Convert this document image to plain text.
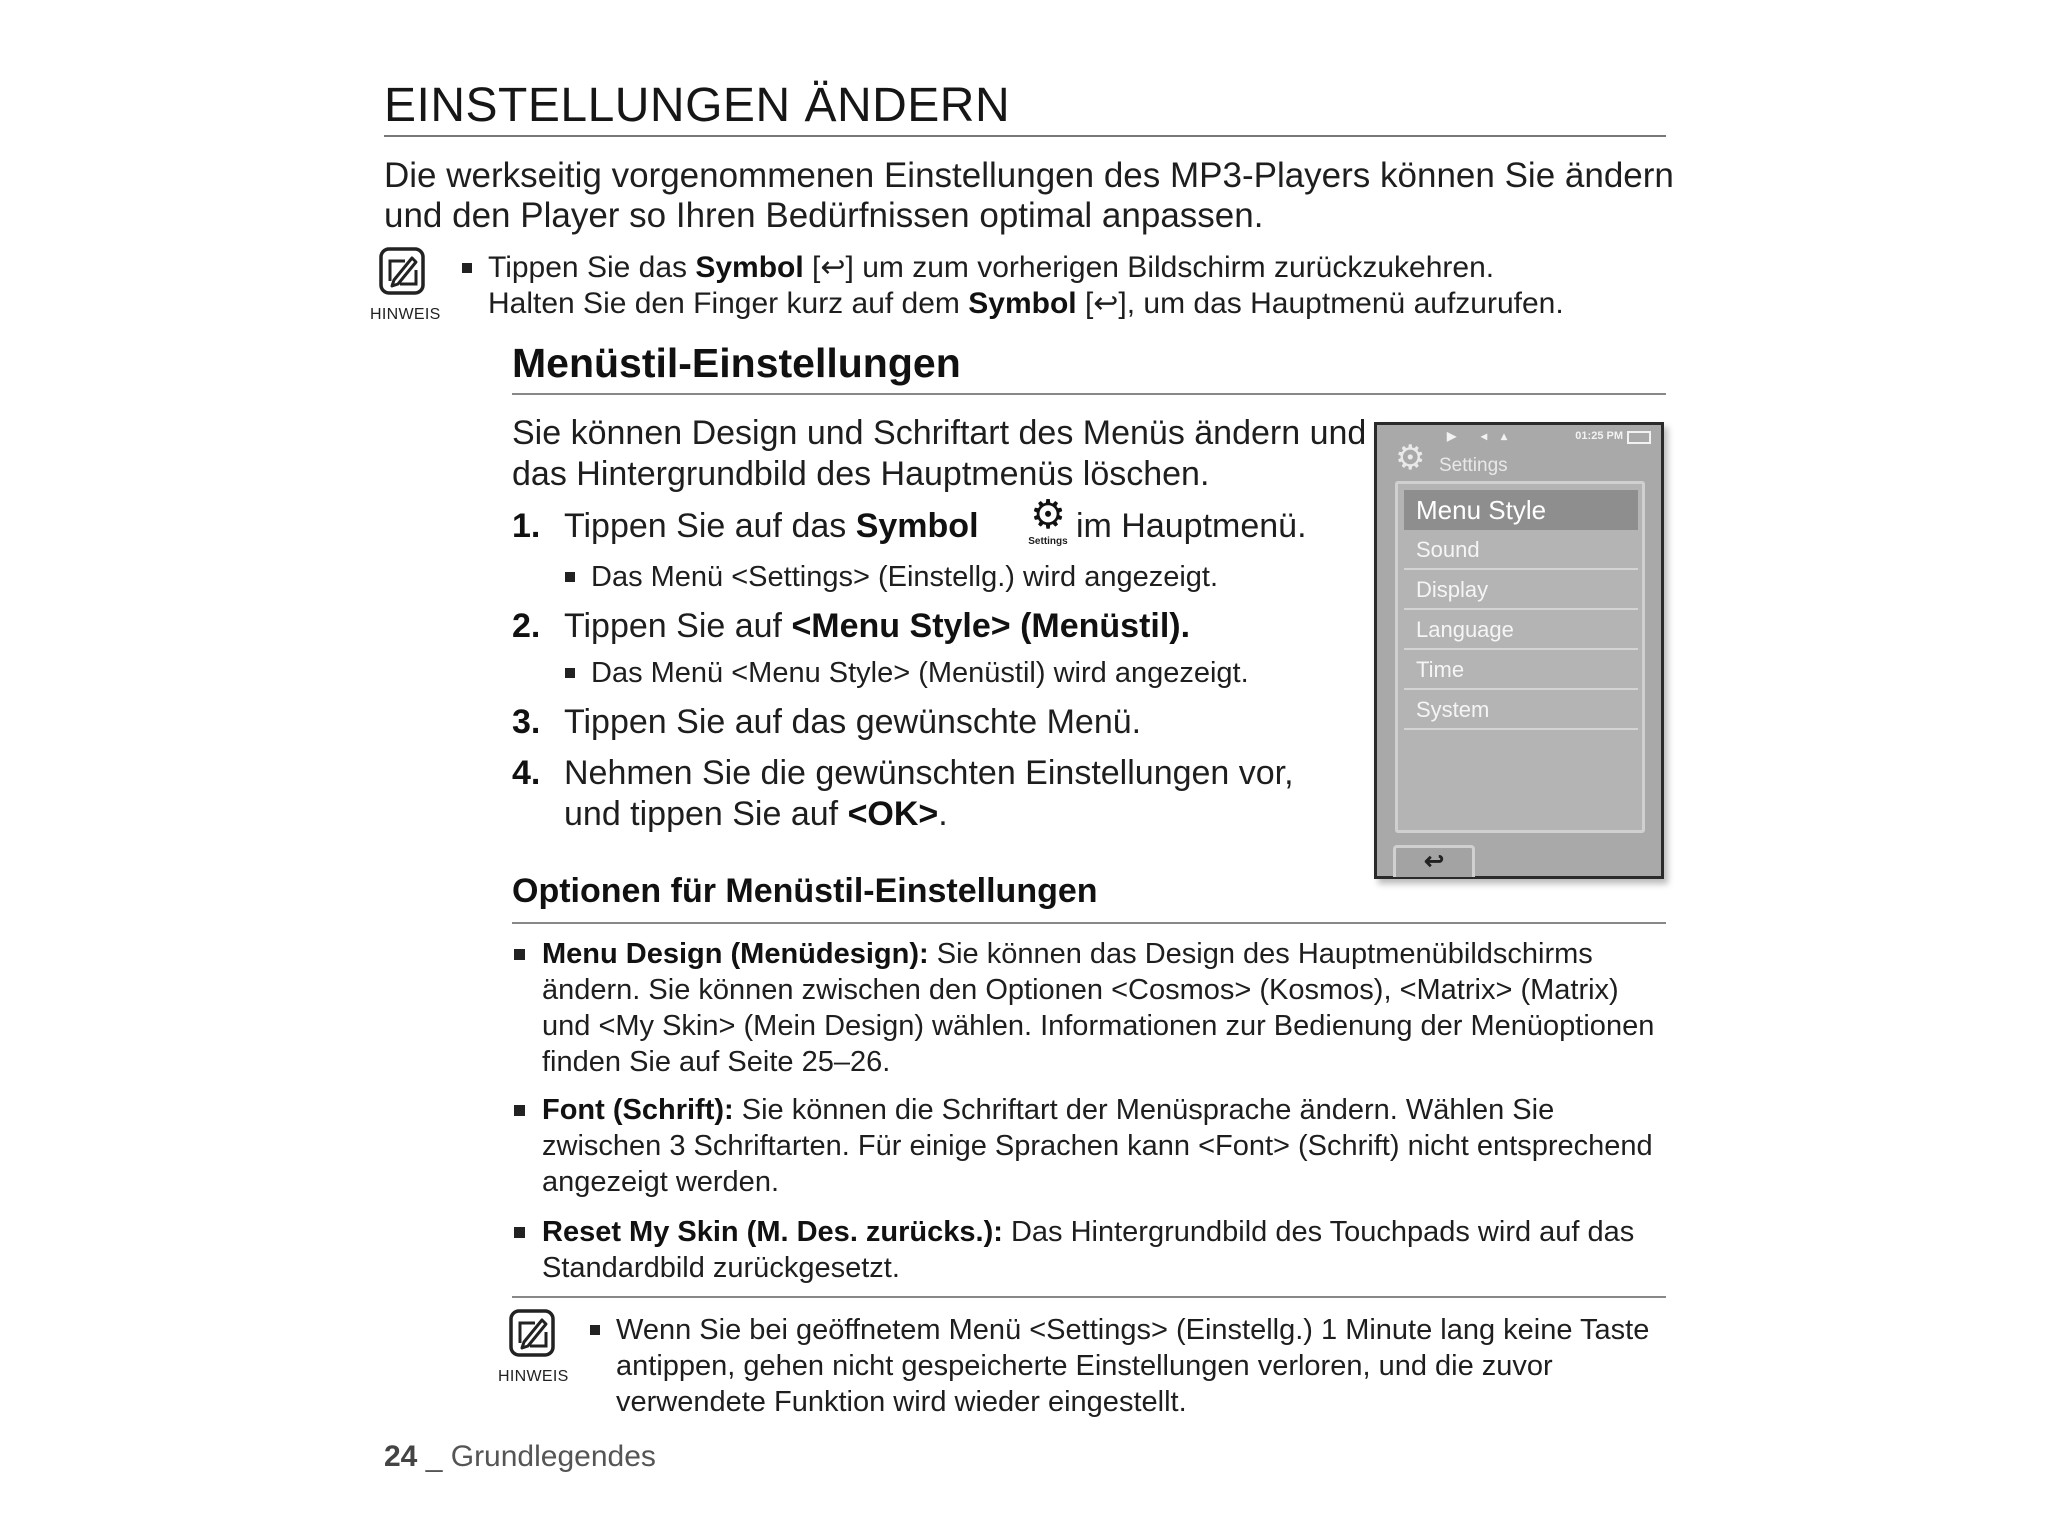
EINSTELLUNGEN ÄNDERN
Die werkseitig vorgenommenen Einstellungen des MP3-Players können Sie ändern und den Player so Ihren Bedürfnissen optimal anpassen.
HINWEIS
Tippen Sie das Symbol [↩] um zum vorherigen Bildschirm zurückzukehren.
Halten Sie den Finger kurz auf dem Symbol [↩], um das Hauptmenü aufzurufen.
Menüstil-Einstellungen
Sie können Design und Schriftart des Menüs ändern und das Hintergrundbild des Hauptmenüs löschen.
1. Tippen Sie auf das Symbol	im Hauptmenü.
⚙
Settings
Das Menü <Settings> (Einstellg.) wird angezeigt.
2. Tippen Sie auf <Menu Style> (Menüstil).
Das Menü <Menu Style> (Menüstil) wird angezeigt.
3. Tippen Sie auf das gewünschte Menü.
4. Nehmen Sie die gewünschten Einstellungen vor,
und tippen Sie auf <OK>.
▶ ◂ ▴	01:25 PM
⚙ Settings
Menu Style
Sound
Display
Language
Time
System
↩
Optionen für Menüstil-Einstellungen
Menu Design (Menüdesign): Sie können das Design des Hauptmenübildschirms ändern. Sie können zwischen den Optionen <Cosmos> (Kosmos), <Matrix> (Matrix) und <My Skin> (Mein Design) wählen. Informationen zur Bedienung der Menüoptionen finden Sie auf Seite 25–26.
Font (Schrift): Sie können die Schriftart der Menüsprache ändern. Wählen Sie zwischen 3 Schriftarten. Für einige Sprachen kann <Font> (Schrift) nicht entsprechend angezeigt werden.
Reset My Skin (M. Des. zurücks.): Das Hintergrundbild des Touchpads wird auf das Standardbild zurückgesetzt.
HINWEIS
Wenn Sie bei geöffnetem Menü <Settings> (Einstellg.) 1 Minute lang keine Taste antippen, gehen nicht gespeicherte Einstellungen verloren, und die zuvor verwendete Funktion wird wieder eingestellt.
24 _ Grundlegendes
